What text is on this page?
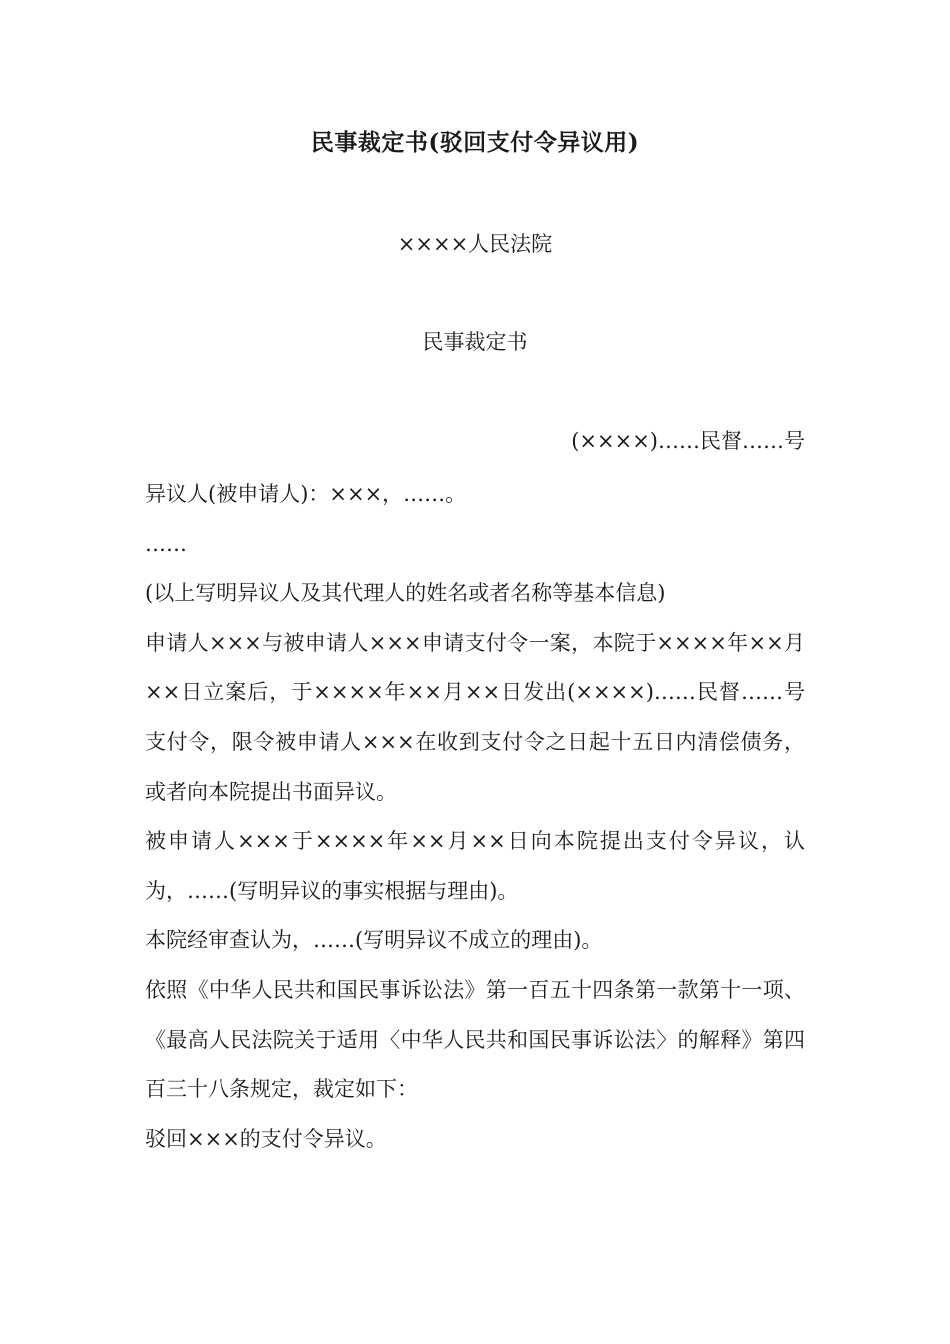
民事裁定书(驳回支付令异议用)
××××人民法院
民事裁定书
(××××)……民督……号

异议人(被申请人)：×××，……。

……

(以上写明异议人及其代理人的姓名或者名称等基本信息)

申请人×××与被申请人×××申请支付令一案，本院于××××年××月××日立案后，于××××年××月××日发出(××××)……民督……号支付令，限令被申请人×××在收到支付令之日起十五日内清偿债务，或者向本院提出书面异议。

被申请人×××于××××年××月××日向本院提出支付令异议，认为，……(写明异议的事实根据与理由)。

本院经审查认为，……(写明异议不成立的理由)。

依照《中华人民共和国民事诉讼法》第一百五十四条第一款第十一项、《最高人民法院关于适用〈中华人民共和国民事诉讼法〉的解释》第四百三十八条规定，裁定如下：

驳回×××的支付令异议。
